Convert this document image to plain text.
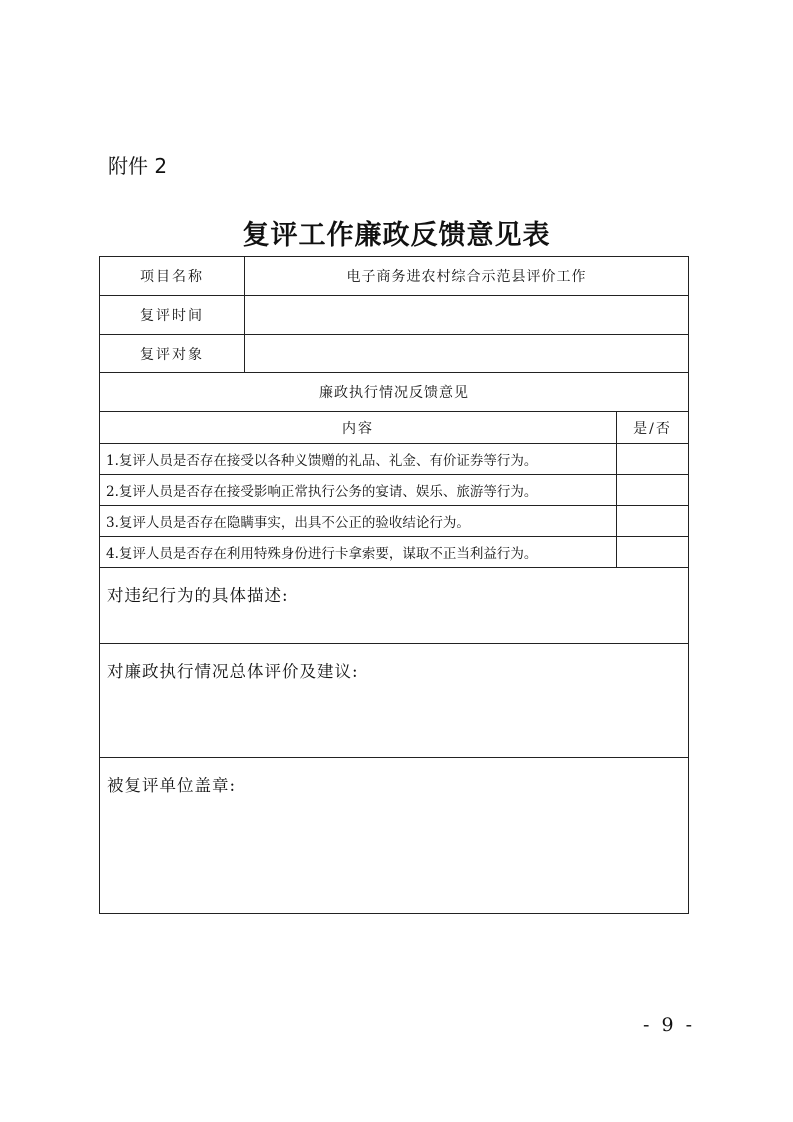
附件 2
复评工作廉政反馈意见表
项目名称	电子商务进农村综合示范县评价工作	
复评时间		
复评对象		
廉政执行情况反馈意见		
内容		是/否
1.复评人员是否存在接受以各种义馈赠的礼品、礼金、有价证券等行为。		
2.复评人员是否存在接受影响正常执行公务的宴请、娱乐、旅游等行为。		
3.复评人员是否存在隐瞒事实，出具不公正的验收结论行为。		
4.复评人员是否存在利用特殊身份进行卡拿索要，谋取不正当利益行为。		
对违纪行为的具体描述:		
对廉政执行情况总体评价及建议:		
被复评单位盖章:		
- 9 -
